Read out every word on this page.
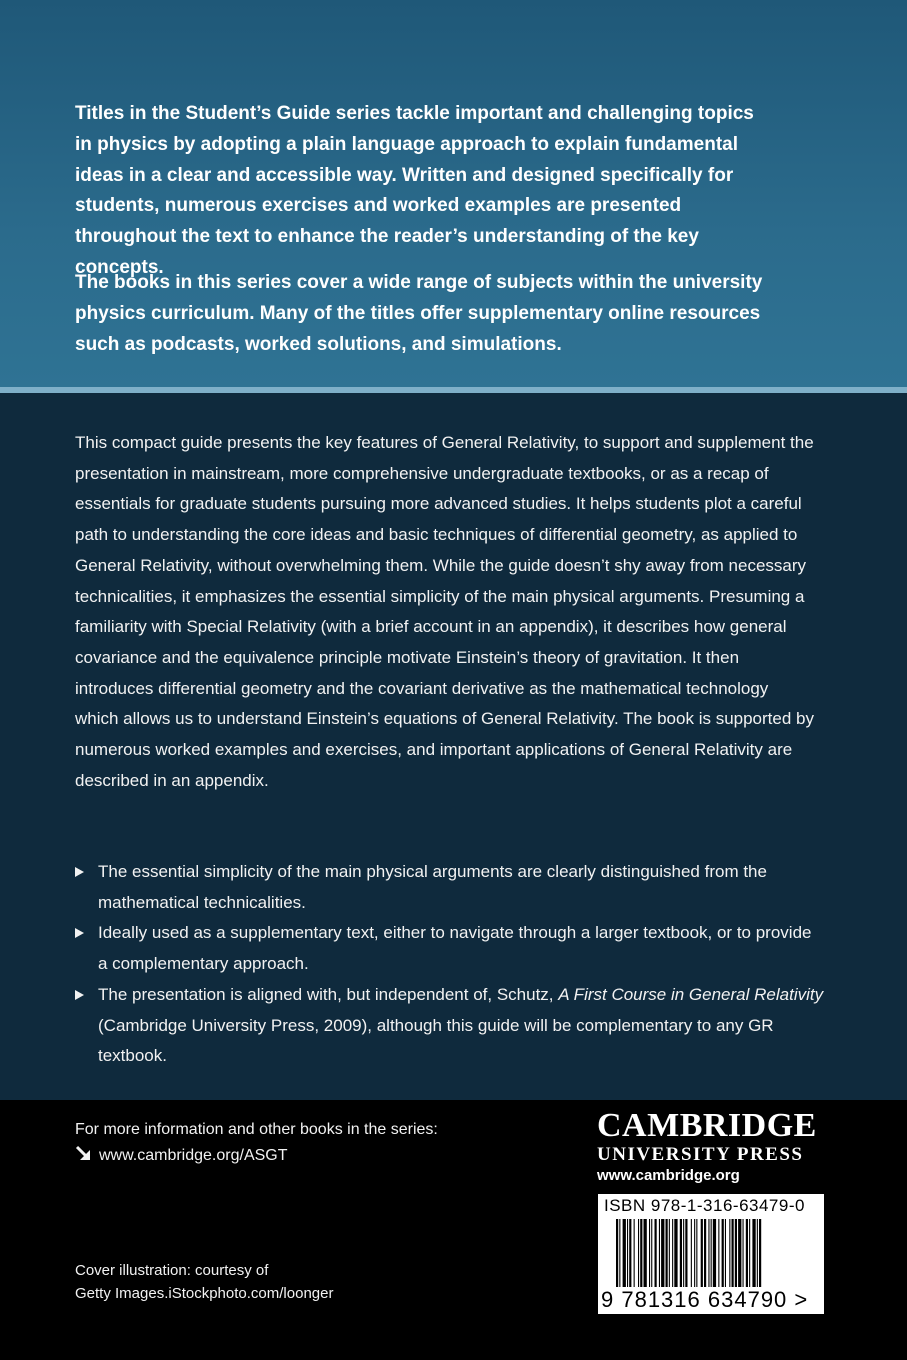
Titles in the Student’s Guide series tackle important and challenging topics in physics by adopting a plain language approach to explain fundamental ideas in a clear and accessible way. Written and designed specifically for students, numerous exercises and worked examples are presented throughout the text to enhance the reader’s understanding of the key concepts.

The books in this series cover a wide range of subjects within the university physics curriculum. Many of the titles offer supplementary online resources such as podcasts, worked solutions, and simulations.

This compact guide presents the key features of General Relativity, to support and supplement the presentation in mainstream, more comprehensive undergraduate textbooks, or as a recap of essentials for graduate students pursuing more advanced studies. It helps students plot a careful path to understanding the core ideas and basic techniques of differential geometry, as applied to General Relativity, without overwhelming them. While the guide doesn’t shy away from necessary technicalities, it emphasizes the essential simplicity of the main physical arguments. Presuming a familiarity with Special Relativity (with a brief account in an appendix), it describes how general covariance and the equivalence principle motivate Einstein’s theory of gravitation. It then introduces differential geometry and the covariant derivative as the mathematical technology which allows us to understand Einstein’s equations of General Relativity. The book is supported by numerous worked examples and exercises, and important applications of General Relativity are described in an appendix.

The essential simplicity of the main physical arguments are clearly distinguished from the mathematical technicalities.
Ideally used as a supplementary text, either to navigate through a larger textbook, or to provide a complementary approach.
The presentation is aligned with, but independent of, Schutz, A First Course in General Relativity (Cambridge University Press, 2009), although this guide will be complementary to any GR textbook.
For more information and other books in the series:
www.cambridge.org/ASGT
Cover illustration: courtesy of
Getty Images.iStockphoto.com/loonger
CAMBRIDGE
UNIVERSITY PRESS
www.cambridge.org
ISBN 978-1-316-63479-0
9 781316 634790 >
